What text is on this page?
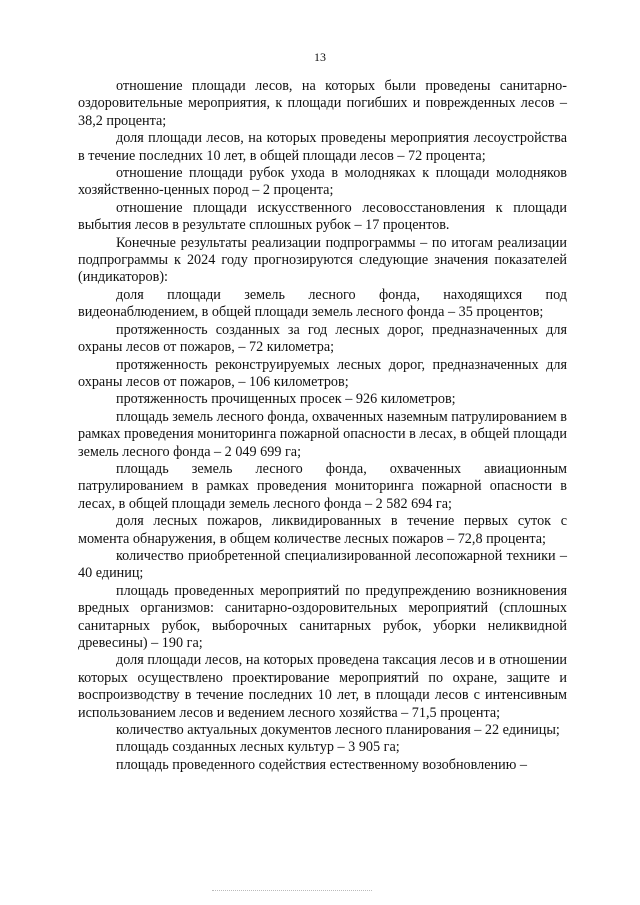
13

отношение площади лесов, на которых были проведены санитарно-оздоровительные мероприятия, к площади погибших и поврежденных лесов – 38,2 процента;

доля площади лесов, на которых проведены мероприятия лесоустройства в течение последних 10 лет, в общей площади лесов – 72 процента;

отношение площади рубок ухода в молодняках к площади молодняков хозяйственно-ценных пород – 2 процента;

отношение площади искусственного лесовосстановления к площади выбытия лесов в результате сплошных рубок – 17 процентов.

Конечные результаты реализации подпрограммы – по итогам реализации подпрограммы к 2024 году прогнозируются следующие значения показателей (индикаторов):

доля площади земель лесного фонда, находящихся под видеонаблюдением, в общей площади земель лесного фонда – 35 процентов;

протяженность созданных за год лесных дорог, предназначенных для охраны лесов от пожаров, – 72 километра;

протяженность реконструируемых лесных дорог, предназначенных для охраны лесов от пожаров, – 106 километров;

протяженность прочищенных просек – 926 километров;

площадь земель лесного фонда, охваченных наземным патрулированием в рамках проведения мониторинга пожарной опасности в лесах, в общей площади земель лесного фонда – 2 049 699 га;

площадь земель лесного фонда, охваченных авиационным патрулированием в рамках проведения мониторинга пожарной опасности в лесах, в общей площади земель лесного фонда – 2 582 694 га;

доля лесных пожаров, ликвидированных в течение первых суток с момента обнаружения, в общем количестве лесных пожаров – 72,8 процента;

количество приобретенной специализированной лесопожарной техники – 40 единиц;

площадь проведенных мероприятий по предупреждению возникновения вредных организмов: санитарно-оздоровительных мероприятий (сплошных санитарных рубок, выборочных санитарных рубок, уборки неликвидной древесины) – 190 га;

доля площади лесов, на которых проведена таксация лесов и в отношении которых осуществлено проектирование мероприятий по охране, защите и воспроизводству в течение последних 10 лет, в площади лесов с интенсивным использованием лесов и ведением лесного хозяйства – 71,5 процента;

количество актуальных документов лесного планирования – 22 единицы;

площадь созданных лесных культур – 3 905 га;

площадь проведенного содействия естественному возобновлению –
